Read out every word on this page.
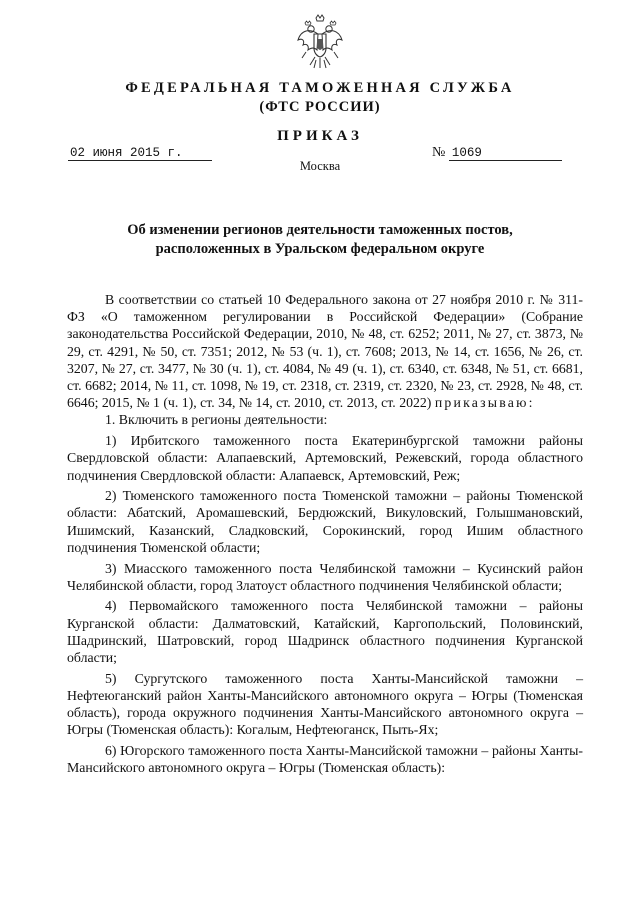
ФЕДЕРАЛЬНАЯ ТАМОЖЕННАЯ СЛУЖБА
(ФТС РОССИИ)
ПРИКАЗ
02 июня 2015 г.	№ 1069
Москва
Об изменении регионов деятельности таможенных постов,
расположенных в Уральском федеральном округе

В соответствии со статьей 10 Федерального закона от 27 ноября 2010 г. № 311-ФЗ «О таможенном регулировании в Российской Федерации» (Собрание законодательства Российской Федерации, 2010, № 48, ст. 6252; 2011, № 27, ст. 3873, № 29, ст. 4291, № 50, ст. 7351; 2012, № 53 (ч. 1), ст. 7608; 2013, № 14, ст. 1656, № 26, ст. 3207, № 27, ст. 3477, № 30 (ч. 1), ст. 4084, № 49 (ч. 1), ст. 6340, ст. 6348, № 51, ст. 6681, ст. 6682; 2014, № 11, ст. 1098, № 19, ст. 2318, ст. 2319, ст. 2320, № 23, ст. 2928, № 48, ст. 6646; 2015, № 1 (ч. 1), ст. 34, № 14, ст. 2010, ст. 2013, ст. 2022) приказываю:

1. Включить в регионы деятельности:

1) Ирбитского таможенного поста Екатеринбургской таможни районы Свердловской области: Алапаевский, Артемовский, Режевский, города областного подчинения Свердловской области: Алапаевск, Артемовский, Реж;

2) Тюменского таможенного поста Тюменской таможни – районы Тюменской области: Абатский, Аромашевский, Бердюжский, Викуловский, Голышмановский, Ишимский, Казанский, Сладковский, Сорокинский, город Ишим областного подчинения Тюменской области;

3) Миасского таможенного поста Челябинской таможни – Кусинский район Челябинской области, город Златоуст областного подчинения Челябинской области;

4) Первомайского таможенного поста Челябинской таможни – районы Курганской области: Далматовский, Катайский, Каргопольский, Половинский, Шадринский, Шатровский, город Шадринск областного подчинения Курганской области;

5) Сургутского таможенного поста Ханты-Мансийской таможни – Нефтеюганский район Ханты-Мансийского автономного округа – Югры (Тюменская область), города окружного подчинения Ханты-Мансийского автономного округа – Югры (Тюменская область): Когалым, Нефтеюганск, Пыть-Ях;

6) Югорского таможенного поста Ханты-Мансийской таможни – районы Ханты-Мансийского автономного округа – Югры (Тюменская область):
